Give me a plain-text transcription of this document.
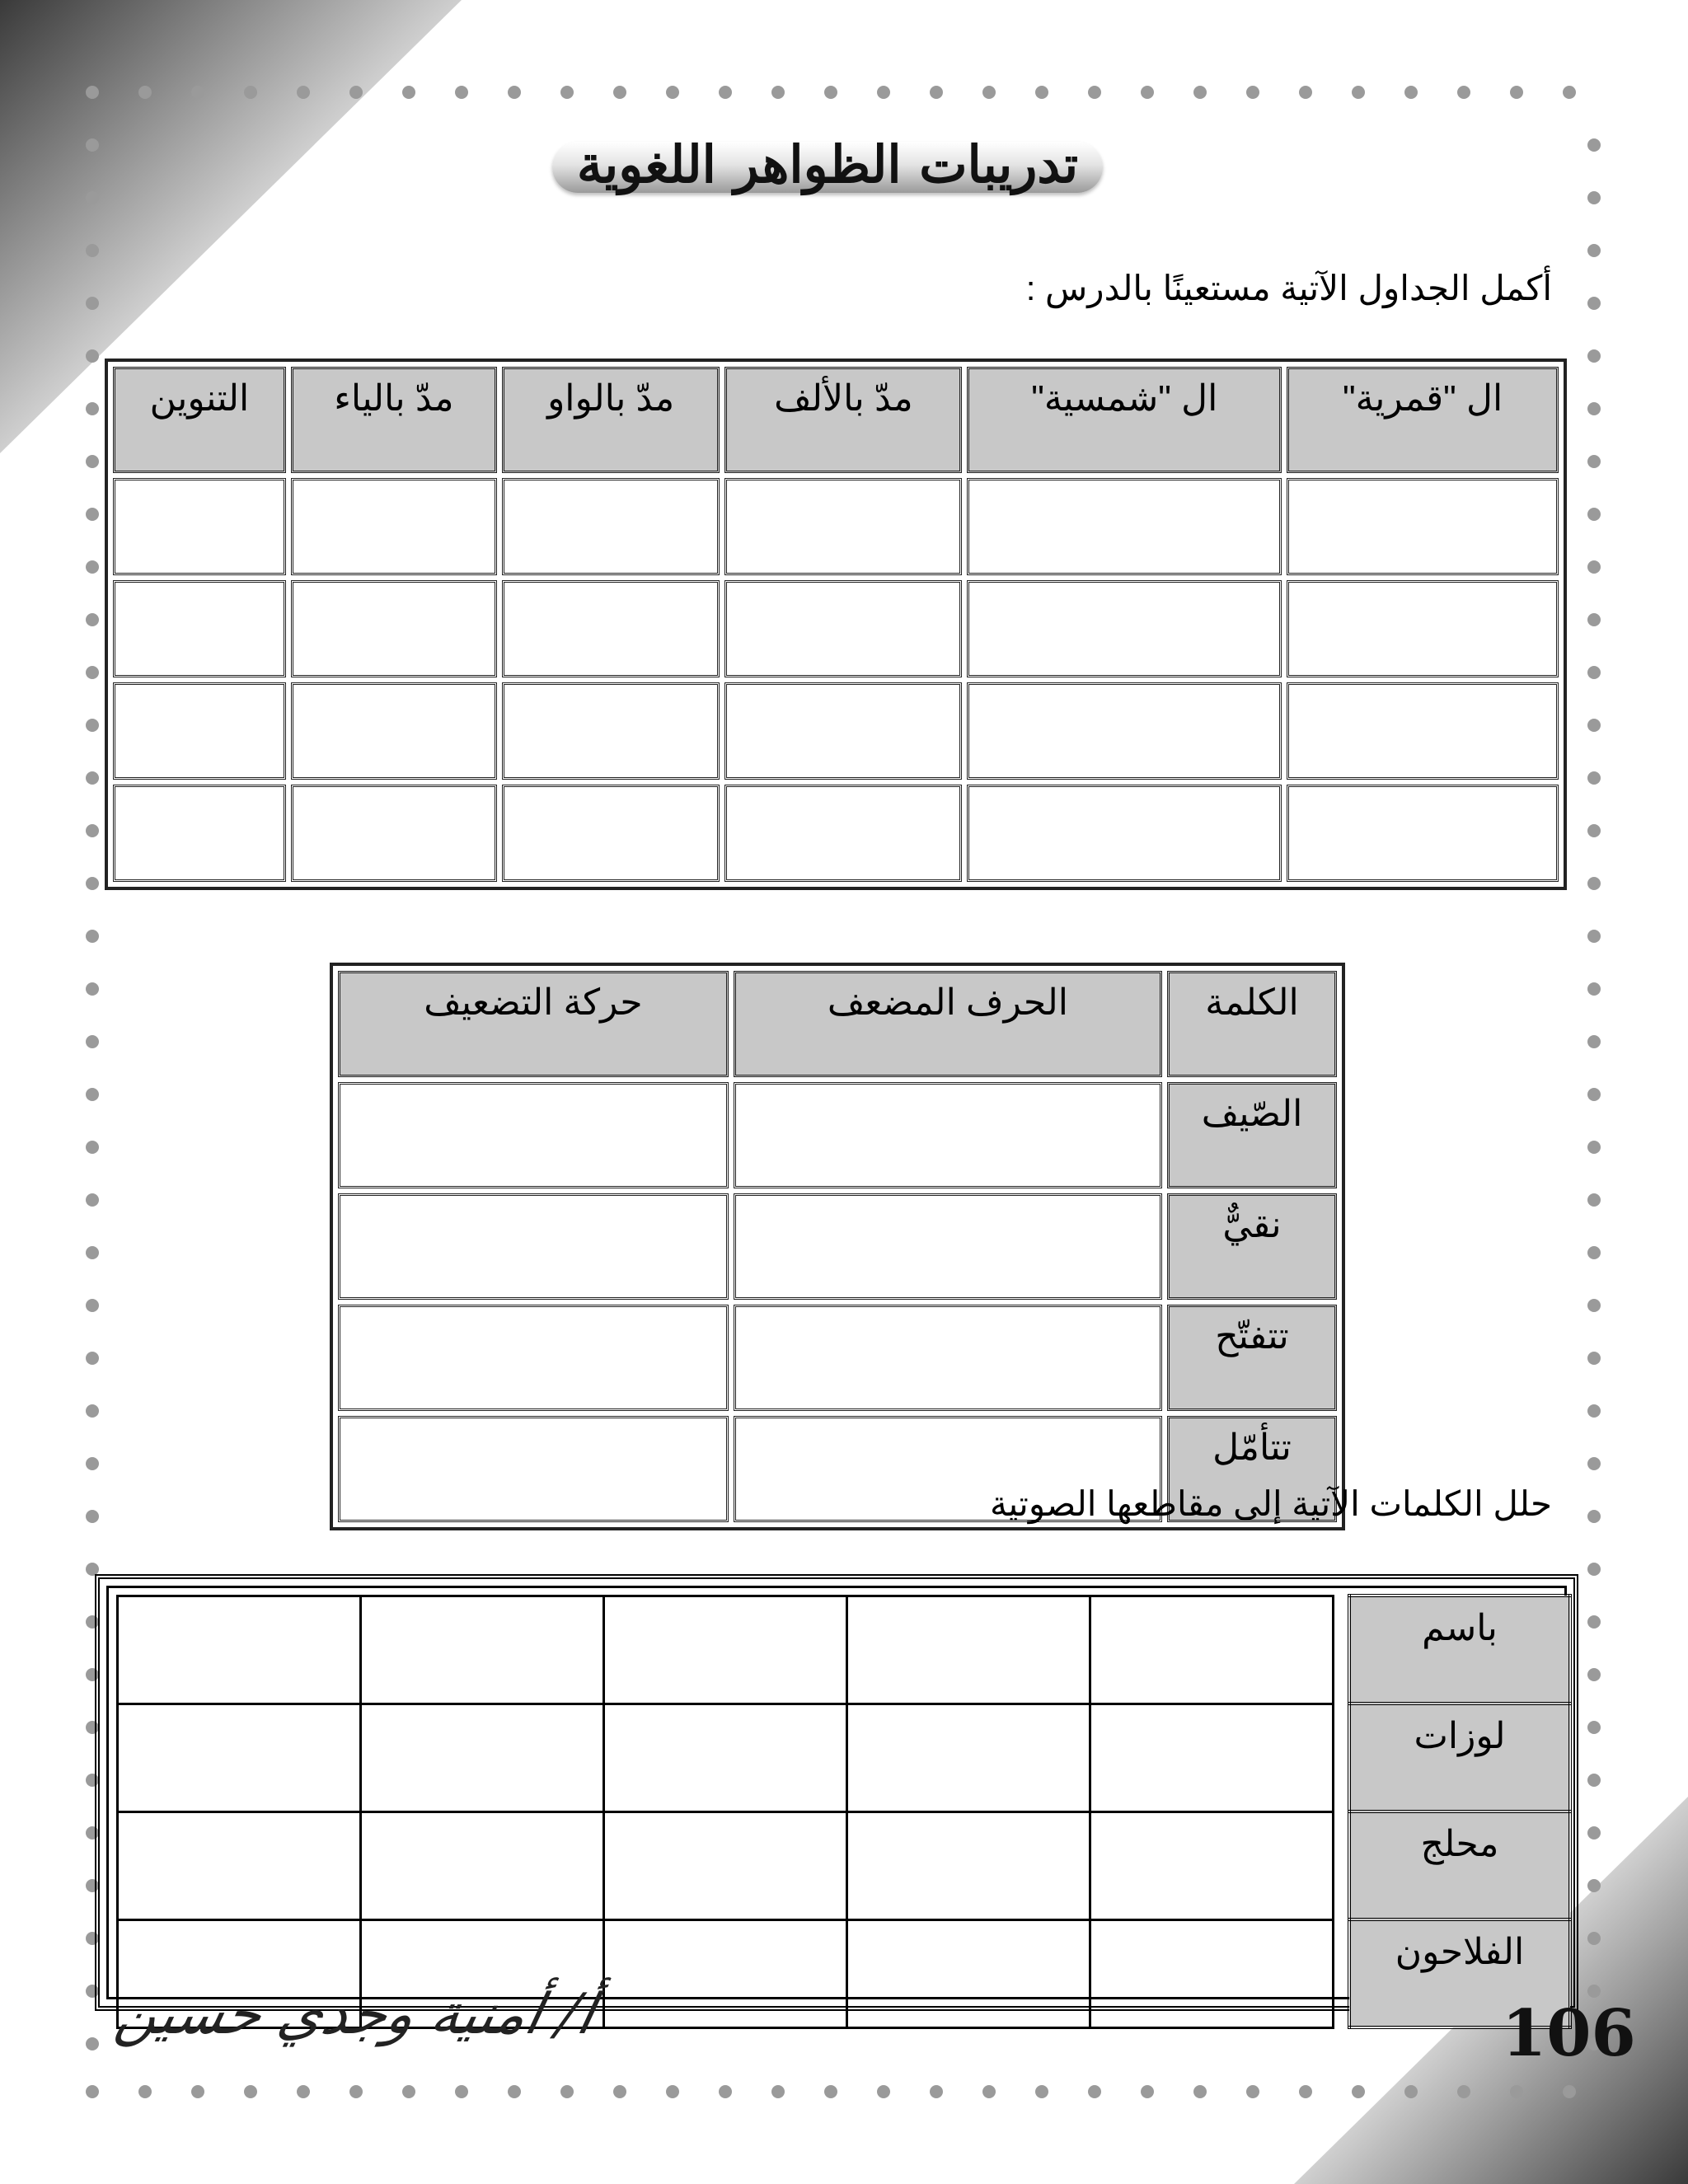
تدريبات الظواهر اللغوية
أكمل الجداول الآتية مستعينًا بالدرس :
ال "قمرية"	ال "شمسية"	مدّ بالألف	مدّ بالواو	مدّ بالياء	التنوين

الكلمة	الحرف المضعف	حركة التضعيف
الصّيف		
نقيٌّ		
تتفتّح		
تتأمّل		
حلل الكلمات الآتية إلى مقاطعها الصوتية
باسم						
لوزات						
محلج						
الفلاحون						
أ/ أمنية وجدي حسين	106
